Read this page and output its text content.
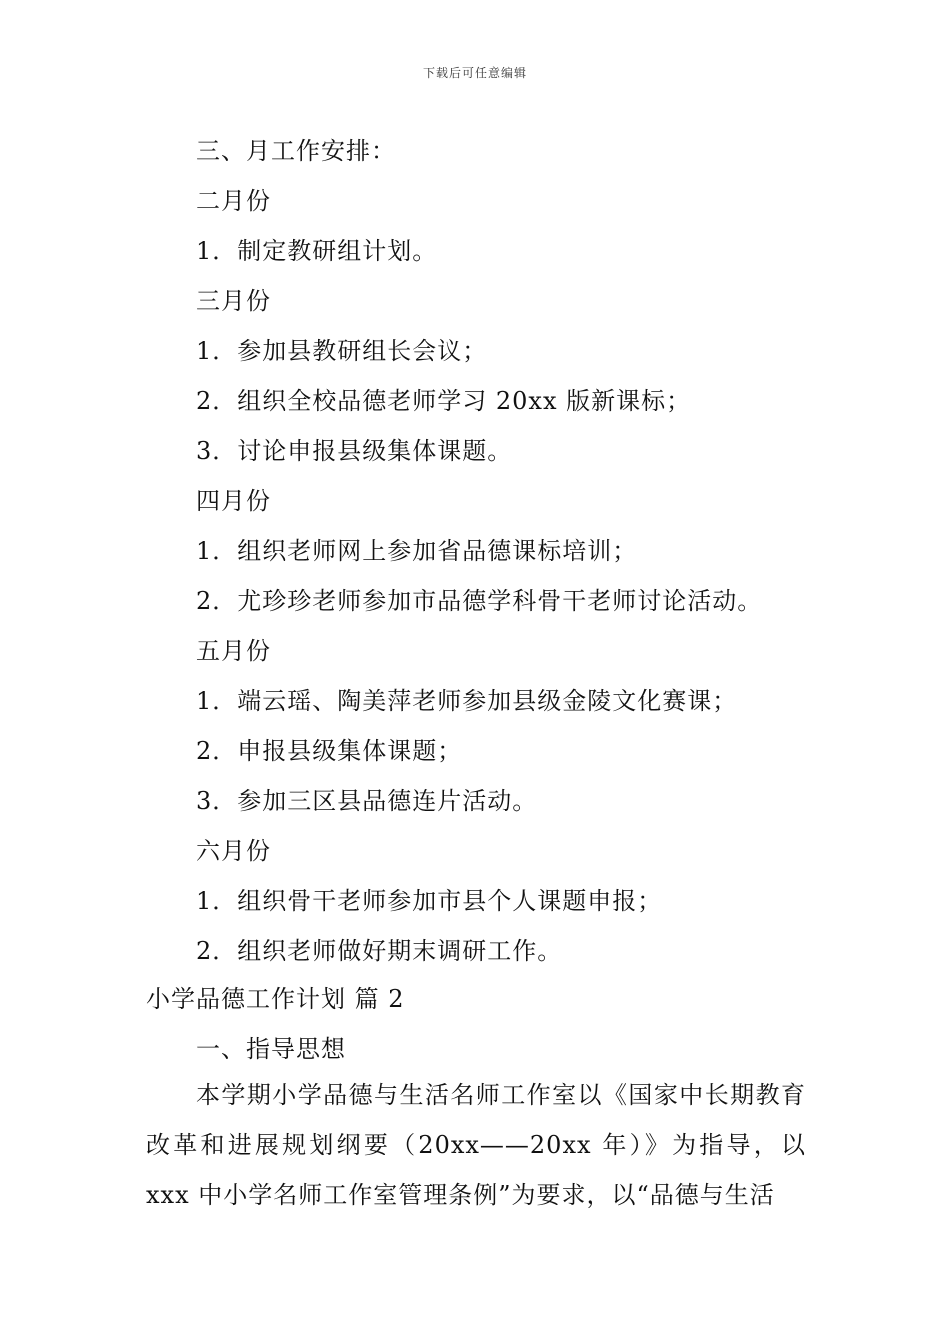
下载后可任意编辑
三、月工作安排：
二月份
1．制定教研组计划。
三月份
1．参加县教研组长会议；
2．组织全校品德老师学习 20xx 版新课标；
3．讨论申报县级集体课题。
四月份
1．组织老师网上参加省品德课标培训；
2．尤珍珍老师参加市品德学科骨干老师讨论活动。
五月份
1．端云瑶、陶美萍老师参加县级金陵文化赛课；
2．申报县级集体课题；
3．参加三区县品德连片活动。
六月份
1．组织骨干老师参加市县个人课题申报；
2．组织老师做好期末调研工作。
小学品德工作计划 篇 2
一、指导思想
本学期小学品德与生活名师工作室以《国家中长期教育改革和进展规划纲要（20xx——20xx 年）》为指导，以 xxx 中小学名师工作室管理条例”为要求，以“品德与生活
